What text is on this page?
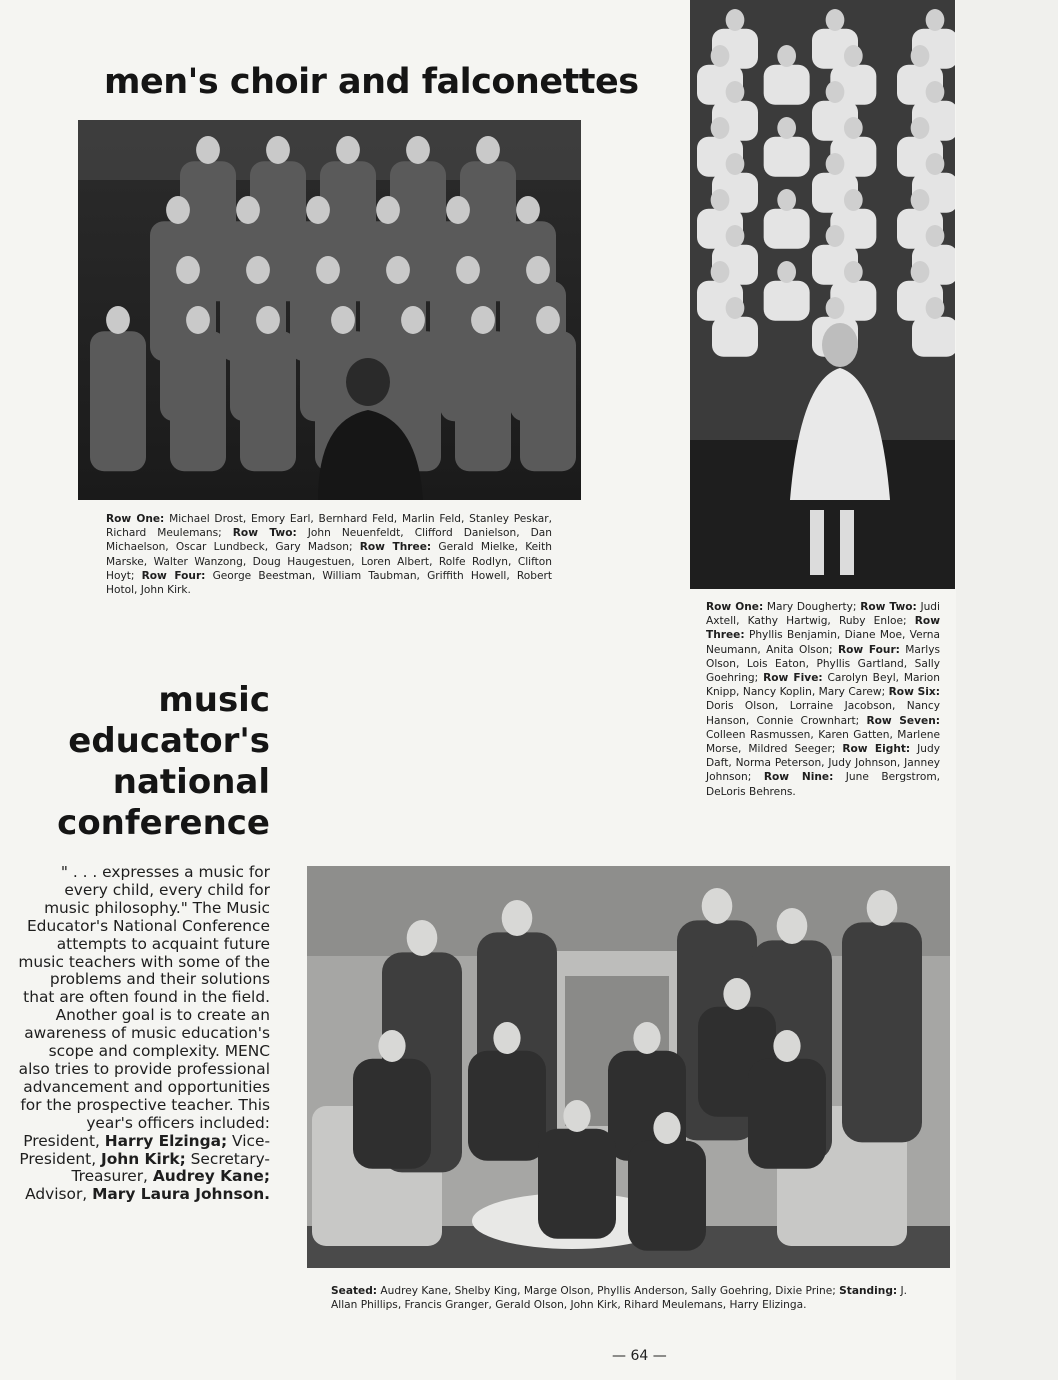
men's choir and falconettes
Row One: Michael Drost, Emory Earl, Bernhard Feld, Marlin Feld, Stanley Peskar, Richard Meulemans; Row Two: John Neuenfeldt, Clifford Danielson, Dan Michaelson, Oscar Lundbeck, Gary Madson; Row Three: Gerald Mielke, Keith Marske, Walter Wanzong, Doug Haugestuen, Loren Albert, Rolfe Rodlyn, Clifton Hoyt; Row Four: George Beestman, William Taubman, Griffith Howell, Robert Hotol, John Kirk.
Row One: Mary Dougherty; Row Two: Judi Axtell, Kathy Hartwig, Ruby Enloe; Row Three: Phyllis Benjamin, Diane Moe, Verna Neumann, Anita Olson; Row Four: Marlys Olson, Lois Eaton, Phyllis Gartland, Sally Goehring; Row Five: Carolyn Beyl, Marion Knipp, Nancy Koplin, Mary Carew; Row Six: Doris Olson, Lorraine Jacobson, Nancy Hanson, Connie Crownhart; Row Seven: Colleen Rasmussen, Karen Gatten, Marlene Morse, Mildred Seeger; Row Eight: Judy Daft, Norma Peterson, Judy Johnson, Janney Johnson; Row Nine: June Bergstrom, DeLoris Behrens.
music
educator's
national
conference
" . . . expresses a music for every child, every child for music philosophy." The Music Educator's National Conference attempts to acquaint future music teachers with some of the problems and their solutions that are often found in the field. Another goal is to create an awareness of music education's scope and complexity. MENC also tries to provide professional advancement and opportunities for the prospective teacher. This year's officers included: President, Harry Elzinga; Vice-President, John Kirk; Secretary-Treasurer, Audrey Kane; Advisor, Mary Laura Johnson.
Seated: Audrey Kane, Shelby King, Marge Olson, Phyllis Anderson, Sally Goehring, Dixie Prine; Standing: J. Allan Phillips, Francis Granger, Gerald Olson, John Kirk, Rihard Meulemans, Harry Elizinga.
— 64 —
